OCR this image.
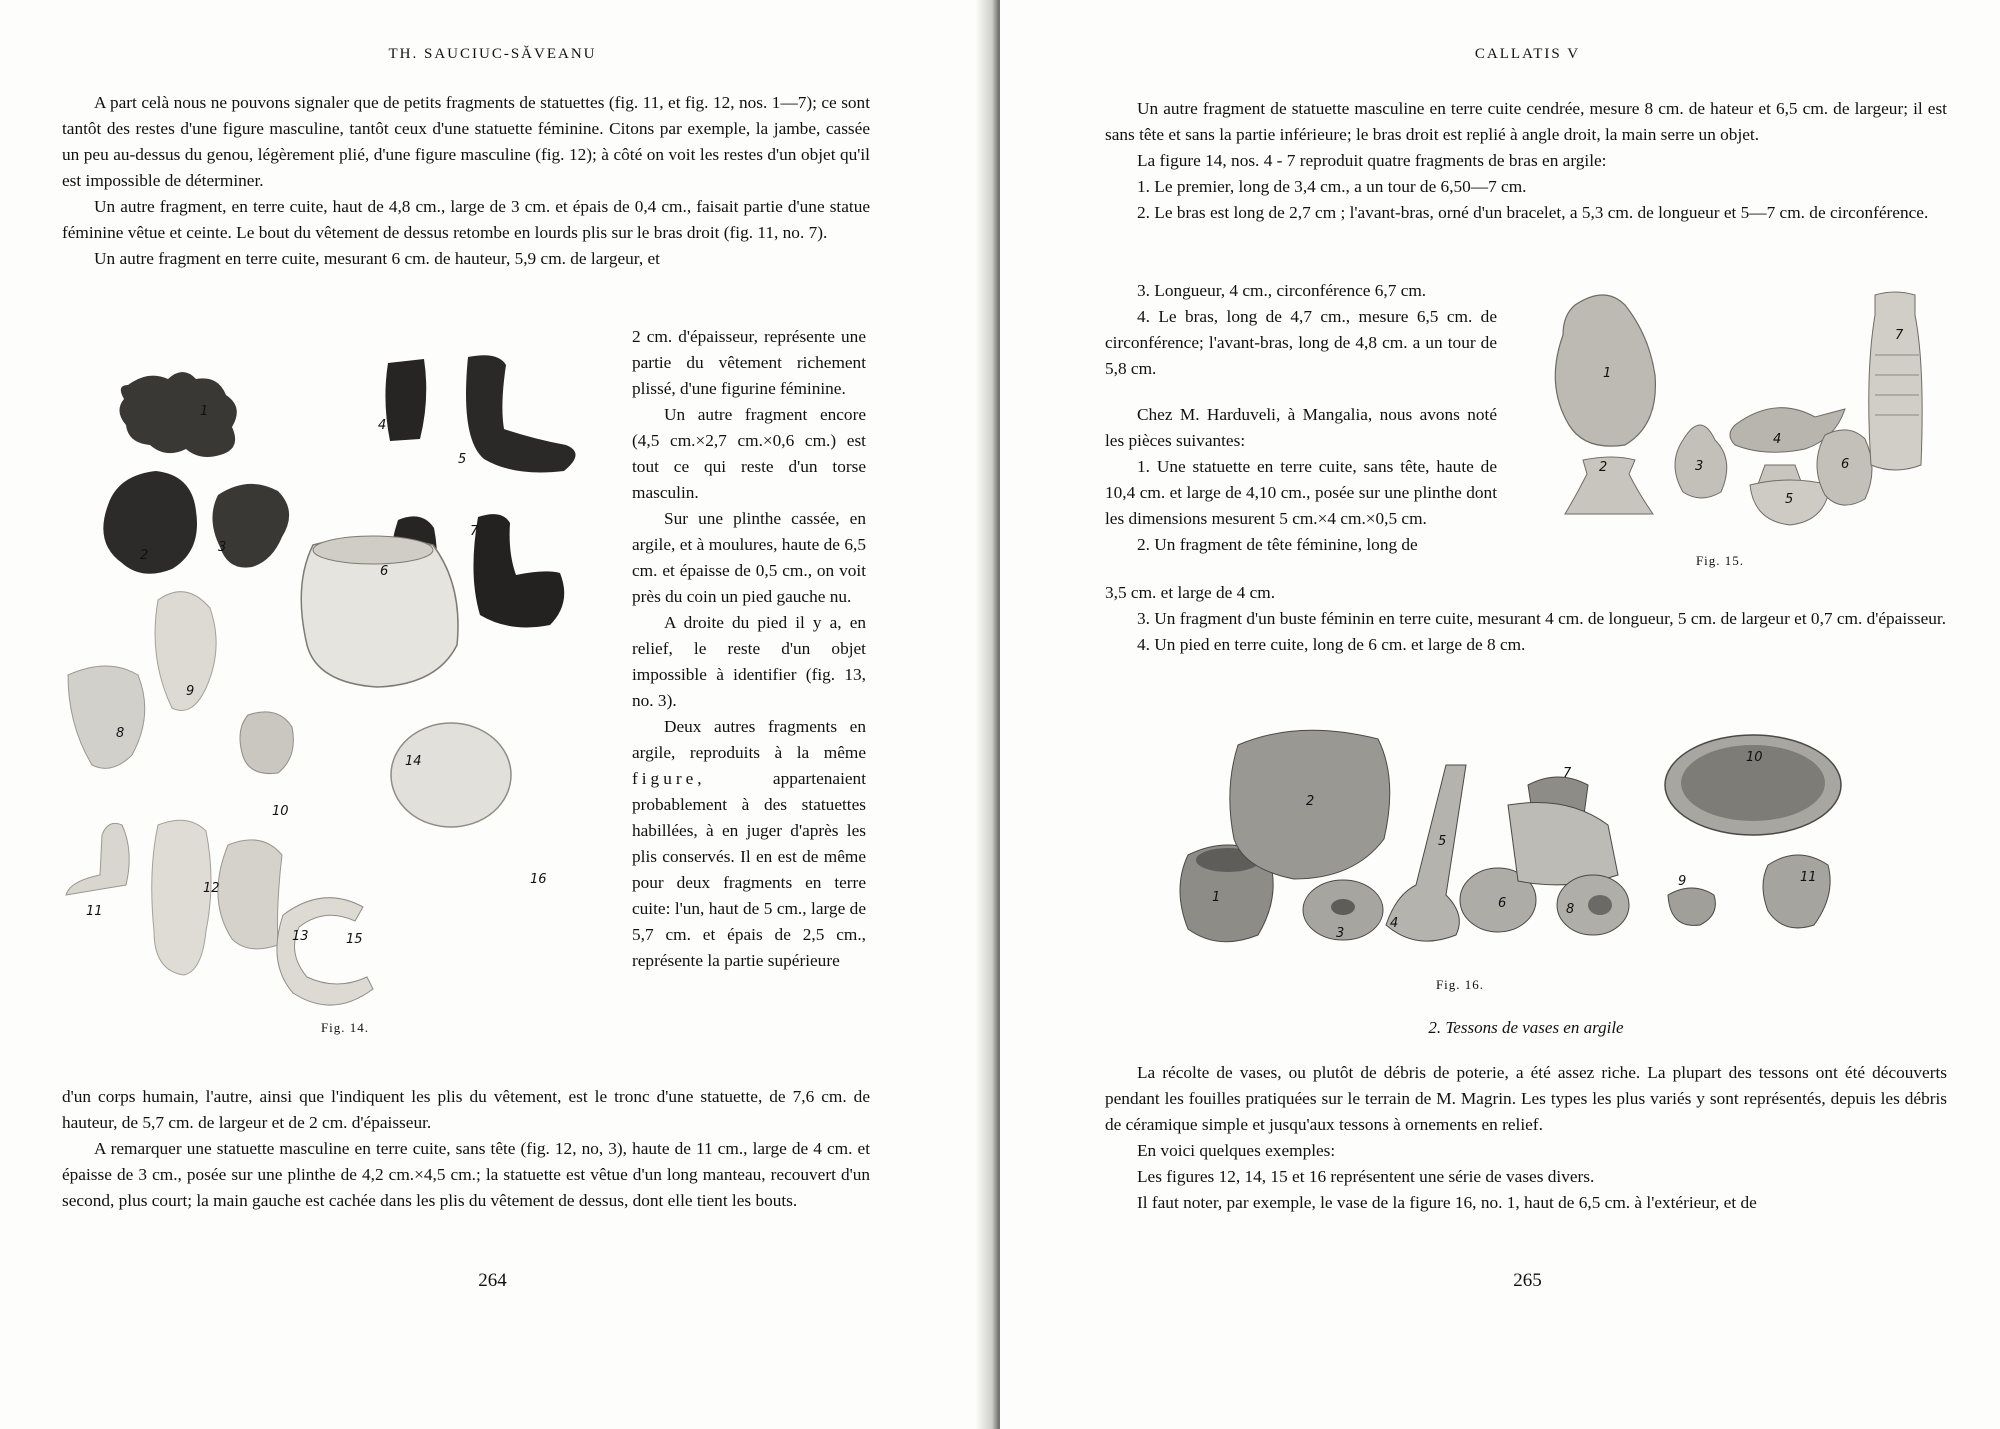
TH. SAUCIUC-SĂVEANU

A part celà nous ne pouvons signaler que de petits fragments de statuettes (fig. 11, et fig. 12, nos. 1—7); ce sont tantôt des restes d'une figure masculine, tantôt ceux d'une statuette féminine. Citons par exemple, la jambe, cassée un peu au-dessus du genou, légèrement plié, d'une figure masculine (fig. 12); à côté on voit les restes d'un objet qu'il est impossible de déterminer.

Un autre fragment, en terre cuite, haut de 4,8 cm., large de 3 cm. et épais de 0,4 cm., faisait partie d'une statue féminine vêtue et ceinte. Le bout du vêtement de dessus retombe en lourds plis sur le bras droit (fig. 11, no. 7).

Un autre fragment en terre cuite, mesurant 6 cm. de hauteur, 5,9 cm. de largeur, et

1
2
3
4
5
6
7
8
9
10
11
12
13
14
15
16
Fig. 14.

2 cm. d'épaisseur, représente une partie du vêtement richement plissé, d'une figurine féminine.

Un autre fragment encore (4,5 cm.×2,7 cm.×0,6 cm.) est tout ce qui reste d'un torse masculin.

Sur une plinthe cassée, en argile, et à moulures, haute de 6,5 cm. et épaisse de 0,5 cm., on voit près du coin un pied gauche nu.

A droite du pied il y a, en relief, le reste d'un objet impossible à identifier (fig. 13, no. 3).

Deux autres fragments en argile, reproduits à la même figure, appartenaient probablement à des statuettes habillées, à en juger d'après les plis conservés. Il en est de même pour deux fragments en terre cuite: l'un, haut de 5 cm., large de 5,7 cm. et épais de 2,5 cm., représente la partie supérieure

d'un corps humain, l'autre, ainsi que l'indiquent les plis du vêtement, est le tronc d'une statuette, de 7,6 cm. de hauteur, de 5,7 cm. de largeur et de 2 cm. d'épaisseur.

A remarquer une statuette masculine en terre cuite, sans tête (fig. 12, no, 3), haute de 11 cm., large de 4 cm. et épaisse de 3 cm., posée sur une plinthe de 4,2 cm.×4,5 cm.; la statuette est vêtue d'un long manteau, recouvert d'un second, plus court; la main gauche est cachée dans les plis du vêtement de dessus, dont elle tient les bouts.

264
CALLATIS V

Un autre fragment de statuette masculine en terre cuite cendrée, mesure 8 cm. de hateur et 6,5 cm. de largeur; il est sans tête et sans la partie inférieure; le bras droit est replié à angle droit, la main serre un objet.

La figure 14, nos. 4 - 7 reproduit quatre fragments de bras en argile:

1. Le premier, long de 3,4 cm., a un tour de 6,50—7 cm.

2. Le bras est long de 2,7 cm ; l'avant-bras, orné d'un bracelet, a 5,3 cm. de longueur et 5—7 cm. de circonférence.

3. Longueur, 4 cm., circonférence 6,7 cm.

4. Le bras, long de 4,7 cm., mesure 6,5 cm. de circonférence; l'avant-bras, long de 4,8 cm. a un tour de 5,8 cm.

Chez M. Harduveli, à Mangalia, nous avons noté les pièces suivantes:

1. Une statuette en terre cuite, sans tête, haute de 10,4 cm. et large de 4,10 cm., posée sur une plinthe dont les dimensions mesurent 5 cm.×4 cm.×0,5 cm.

2. Un fragment de tête féminine, long de

1
2	3
4
5
6
7
Fig. 15.

3,5 cm. et large de 4 cm.

3. Un fragment d'un buste féminin en terre cuite, mesurant 4 cm. de longueur, 5 cm. de largeur et 0,7 cm. d'épaisseur.

4. Un pied en terre cuite, long de 6 cm. et large de 8 cm.

1
2
3
4
5
6
7
8
9
10
11
Fig. 16.
2. Tessons de vases en argile

La récolte de vases, ou plutôt de débris de poterie, a été assez riche. La plupart des tessons ont été découverts pendant les fouilles pratiquées sur le terrain de M. Magrin. Les types les plus variés y sont représentés, depuis les débris de céramique simple et jusqu'aux tessons à ornements en relief.

En voici quelques exemples:

Les figures 12, 14, 15 et 16 représentent une série de vases divers.

Il faut noter, par exemple, le vase de la figure 16, no. 1, haut de 6,5 cm. à l'extérieur, et de

265
